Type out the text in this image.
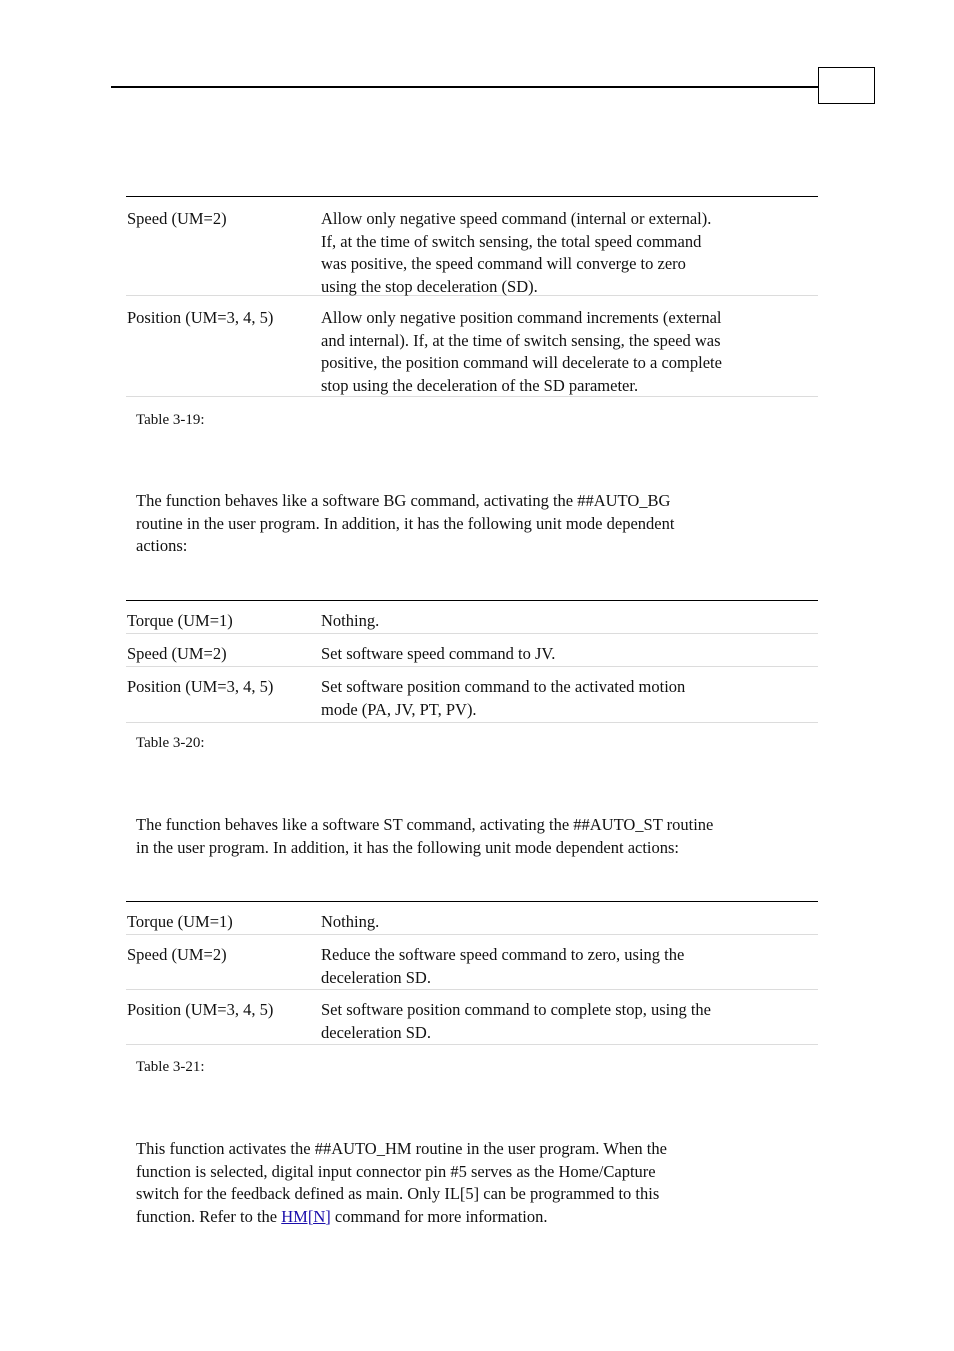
Speed (UM=2)	Allow only negative speed command (internal or external).
If, at the time of switch sensing, the total speed command
was positive, the speed command will converge to zero
using the stop deceleration (SD).
Position (UM=3, 4, 5)	Allow only negative position command increments (external
and internal). If, at the time of switch sensing, the speed was
positive, the position command will decelerate to a complete
stop using the deceleration of the SD parameter.
Table 3-19:
The function behaves like a software BG command, activating the ##AUTO_BG
routine in the user program. In addition, it has the following unit mode dependent
actions:
Torque (UM=1)	Nothing.
Speed (UM=2)	Set software speed command to JV.
Position (UM=3, 4, 5)	Set software position command to the activated motion
mode (PA, JV, PT, PV).
Table 3-20:
The function behaves like a software ST command, activating the ##AUTO_ST routine
in the user program. In addition, it has the following unit mode dependent actions:
Torque (UM=1)	Nothing.
Speed (UM=2)	Reduce the software speed command to zero, using the
deceleration SD.
Position (UM=3, 4, 5)	Set software position command to complete stop, using the
deceleration SD.
Table 3-21:
This function activates the ##AUTO_HM routine in the user program. When the
function is selected, digital input connector pin #5 serves as the Home/Capture
switch for the feedback defined as main. Only IL[5] can be programmed to this
function. Refer to the HM[N] command for more information.
